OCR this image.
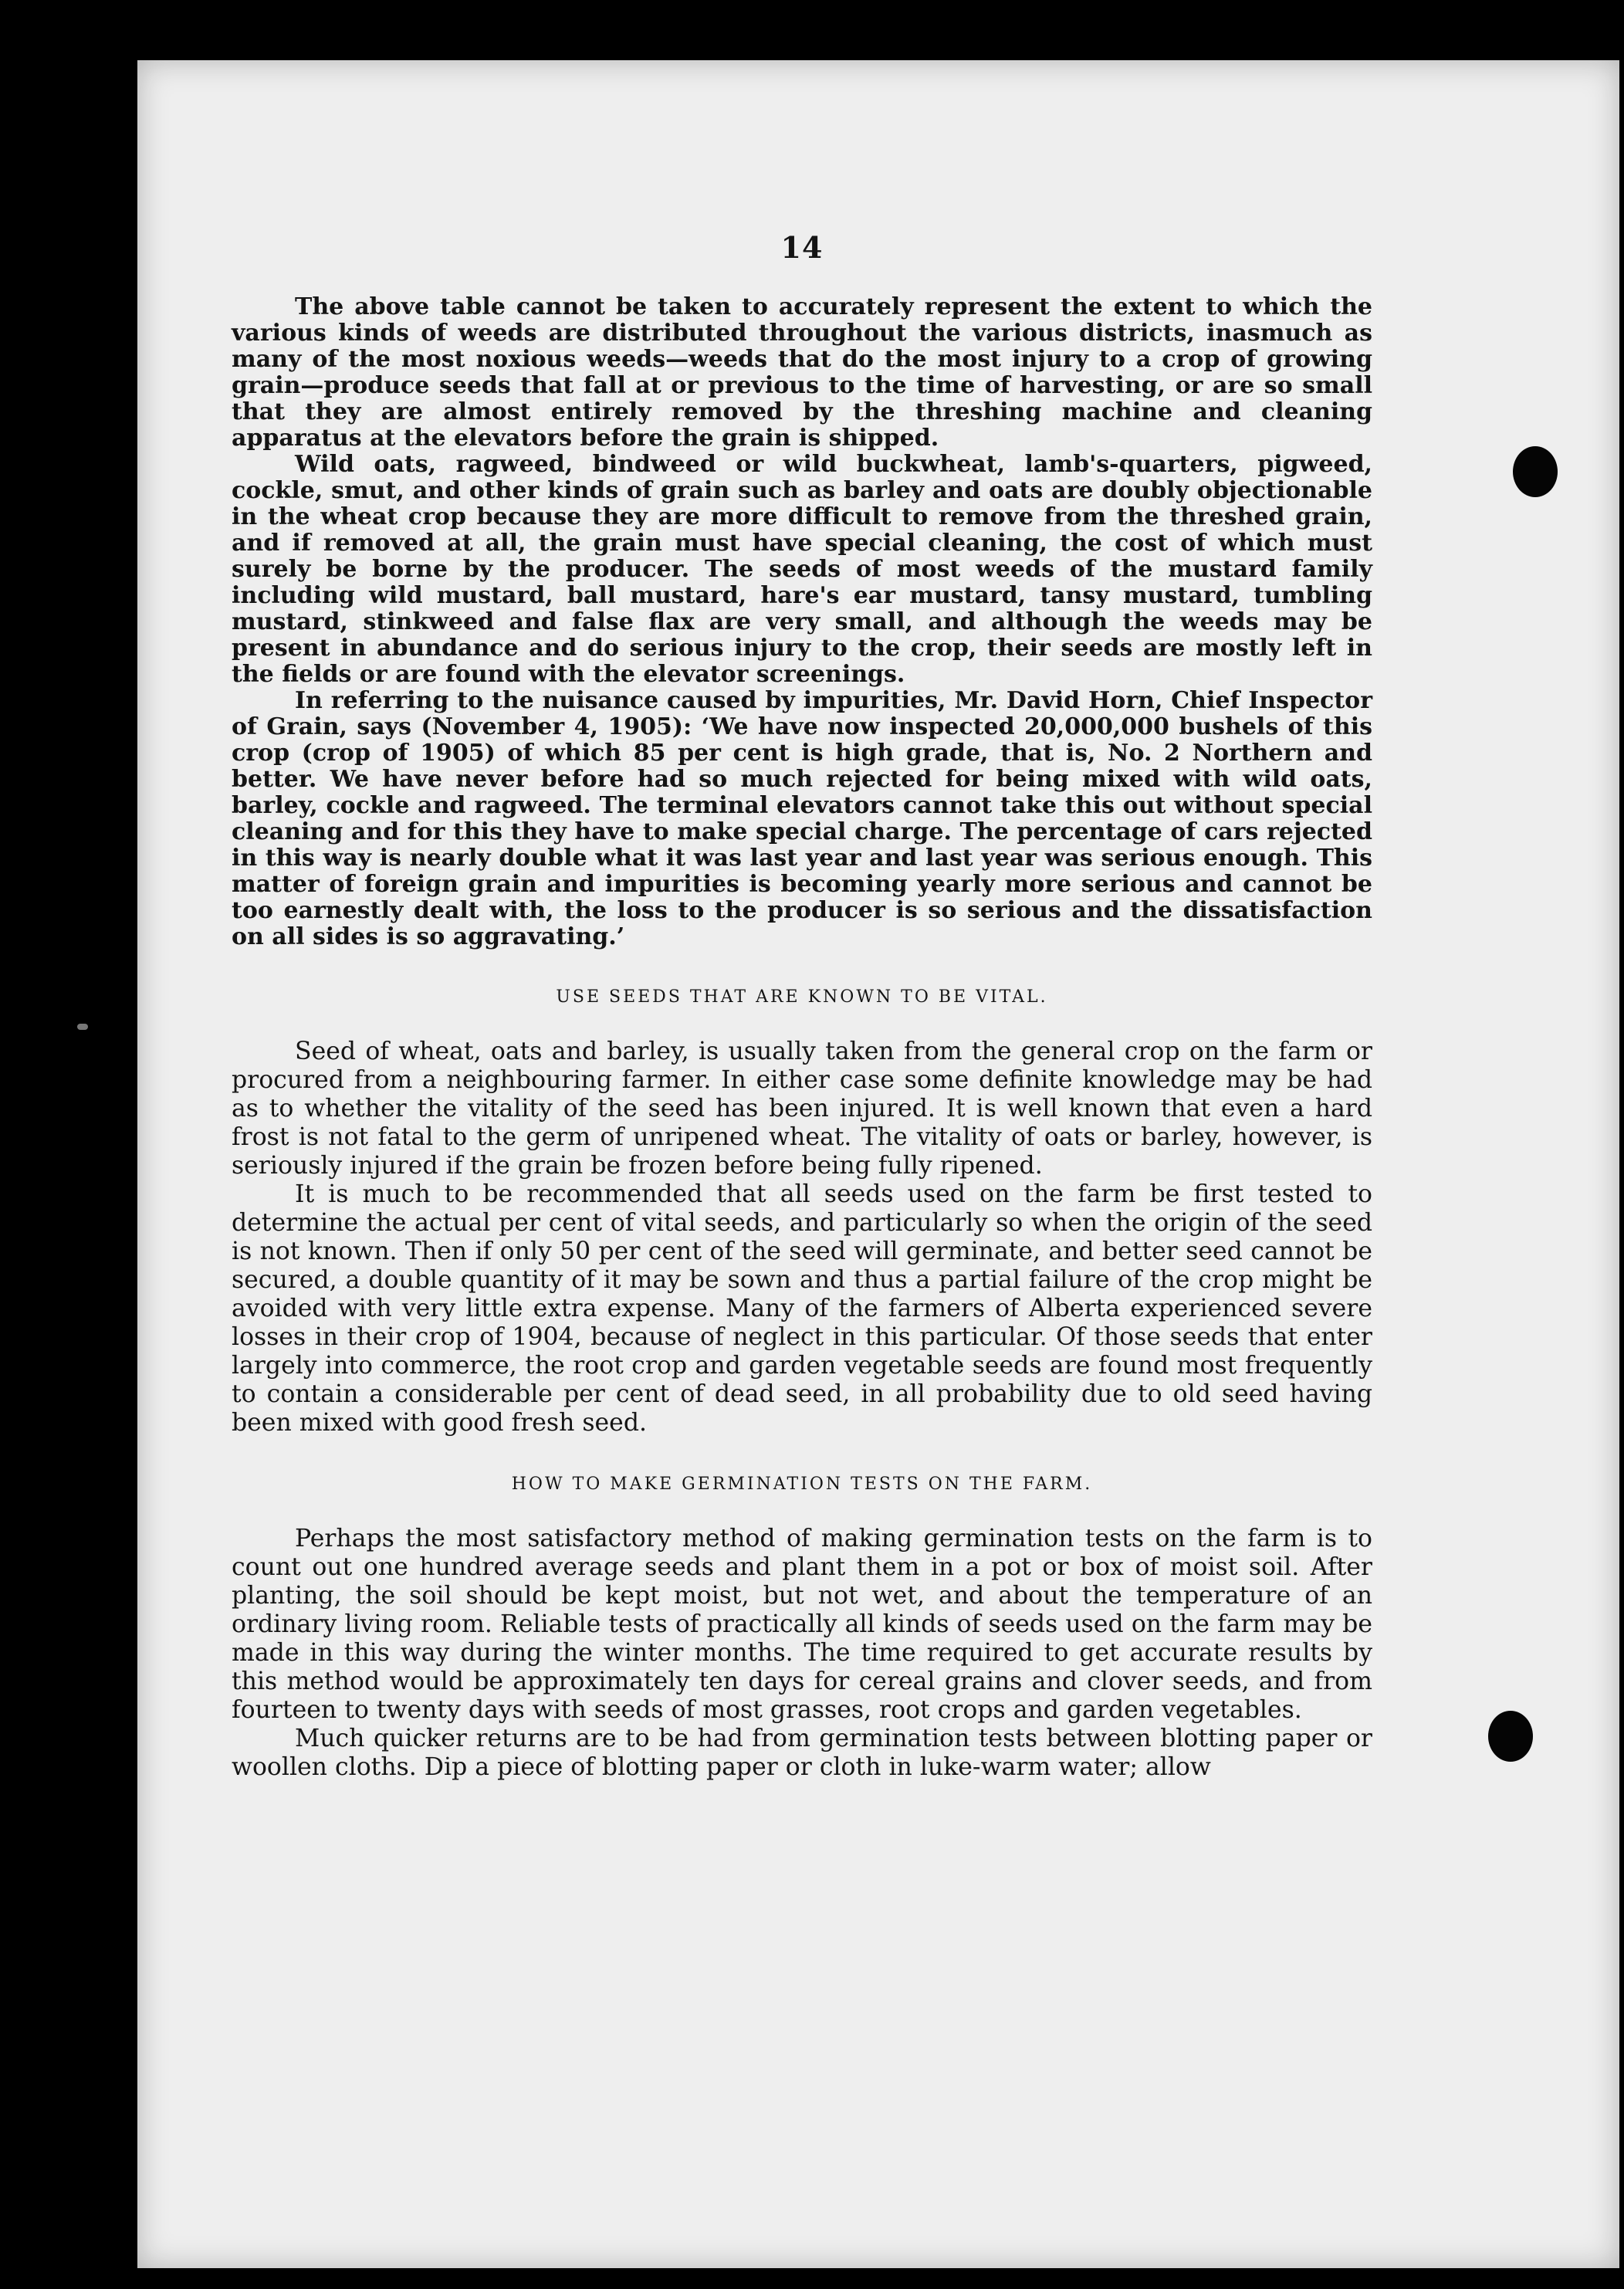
14

The above table cannot be taken to accurately represent the extent to which the various kinds of weeds are distributed throughout the various districts, inasmuch as many of the most noxious weeds—weeds that do the most injury to a crop of growing grain—produce seeds that fall at or previous to the time of harvesting, or are so small that they are almost entirely removed by the threshing machine and cleaning apparatus at the elevators before the grain is shipped.

Wild oats, ragweed, bindweed or wild buckwheat, lamb's-quarters, pigweed, cockle, smut, and other kinds of grain such as barley and oats are doubly objectionable in the wheat crop because they are more difficult to remove from the threshed grain, and if removed at all, the grain must have special cleaning, the cost of which must surely be borne by the producer. The seeds of most weeds of the mustard family including wild mustard, ball mustard, hare's ear mustard, tansy mustard, tumbling mustard, stinkweed and false flax are very small, and although the weeds may be present in abundance and do serious injury to the crop, their seeds are mostly left in the fields or are found with the elevator screenings.

In referring to the nuisance caused by impurities, Mr. David Horn, Chief Inspector of Grain, says (November 4, 1905): ‘We have now inspected 20,000,000 bushels of this crop (crop of 1905) of which 85 per cent is high grade, that is, No. 2 Northern and better. We have never before had so much rejected for being mixed with wild oats, barley, cockle and ragweed. The terminal elevators cannot take this out without special cleaning and for this they have to make special charge. The percentage of cars rejected in this way is nearly double what it was last year and last year was serious enough. This matter of foreign grain and impurities is becoming yearly more serious and cannot be too earnestly dealt with, the loss to the producer is so serious and the dissatisfaction on all sides is so aggravating.’

USE SEEDS THAT ARE KNOWN TO BE VITAL.

Seed of wheat, oats and barley, is usually taken from the general crop on the farm or procured from a neighbouring farmer. In either case some definite knowledge may be had as to whether the vitality of the seed has been injured. It is well known that even a hard frost is not fatal to the germ of unripened wheat. The vitality of oats or barley, however, is seriously injured if the grain be frozen before being fully ripened.

It is much to be recommended that all seeds used on the farm be first tested to determine the actual per cent of vital seeds, and particularly so when the origin of the seed is not known. Then if only 50 per cent of the seed will germinate, and better seed cannot be secured, a double quantity of it may be sown and thus a partial failure of the crop might be avoided with very little extra expense. Many of the farmers of Alberta experienced severe losses in their crop of 1904, because of neglect in this particular. Of those seeds that enter largely into commerce, the root crop and garden vegetable seeds are found most frequently to contain a considerable per cent of dead seed, in all probability due to old seed having been mixed with good fresh seed.

HOW TO MAKE GERMINATION TESTS ON THE FARM.

Perhaps the most satisfactory method of making germination tests on the farm is to count out one hundred average seeds and plant them in a pot or box of moist soil. After planting, the soil should be kept moist, but not wet, and about the temperature of an ordinary living room. Reliable tests of practically all kinds of seeds used on the farm may be made in this way during the winter months. The time required to get accurate results by this method would be approximately ten days for cereal grains and clover seeds, and from fourteen to twenty days with seeds of most grasses, root crops and garden vegetables.

Much quicker returns are to be had from germination tests between blotting paper or woollen cloths. Dip a piece of blotting paper or cloth in luke-warm water; allow
